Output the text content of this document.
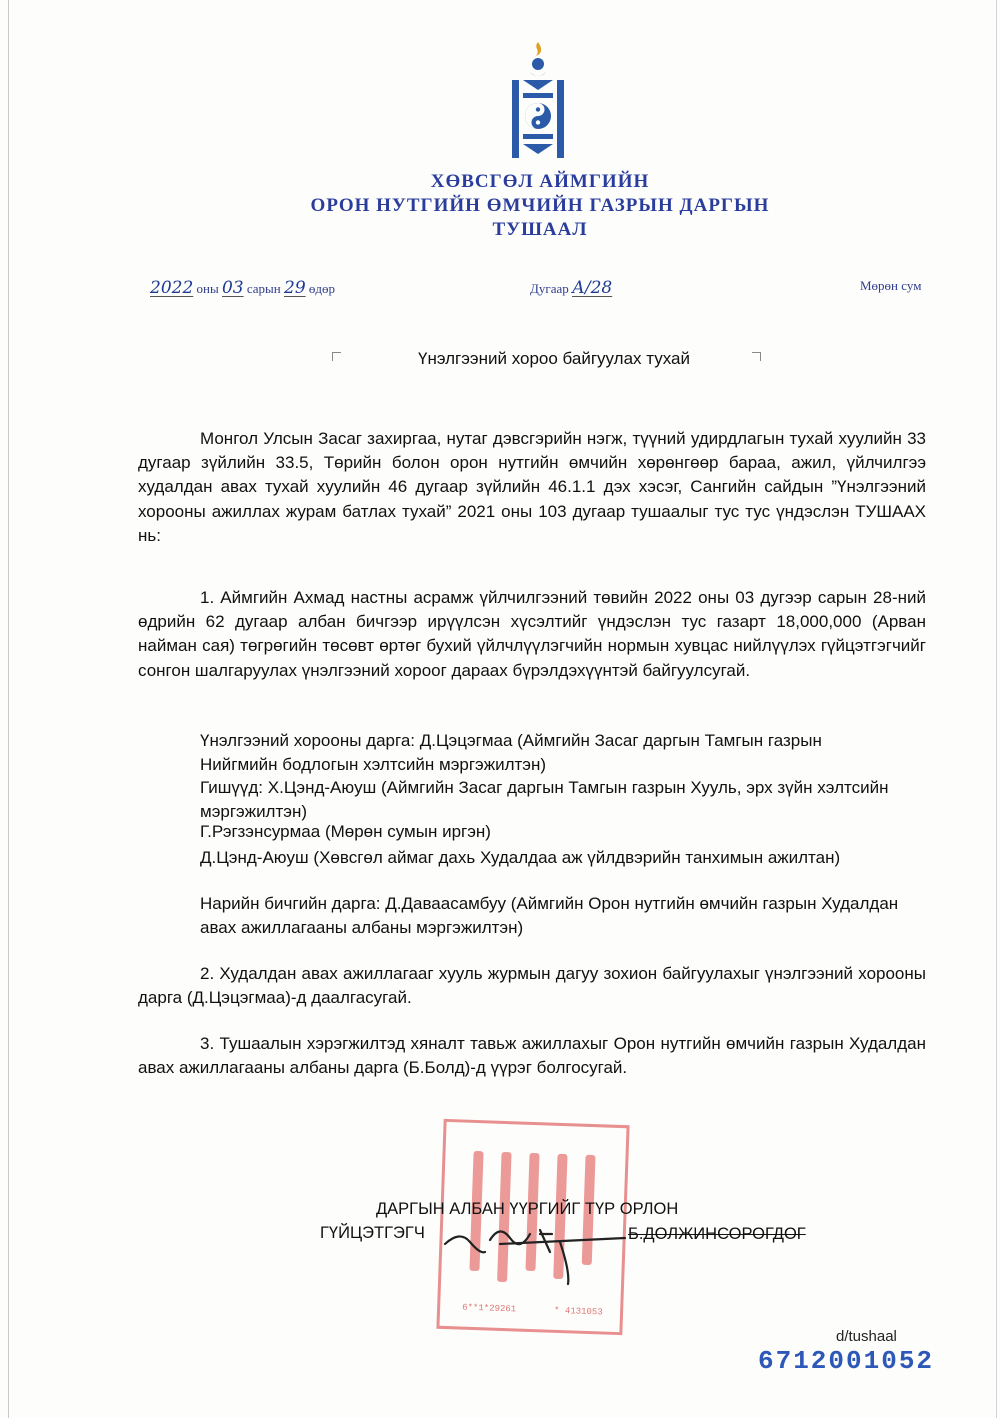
ХӨВСГӨЛ АЙМГИЙН
ОРОН НУТГИЙН ӨМЧИЙН ГАЗРЫН ДАРГЫН
ТУШААЛ
2022 оны 03 сарын 29 өдөр	Дугаар А/28	Мөрөн сум
Үнэлгээний хороо байгуулах тухай
Монгол Улсын Засаг захиргаа, нутаг дэвсгэрийн нэгж, түүний удирдлагын тухай хуулийн 33 дугаар зүйлийн 33.5, Төрийн болон орон нутгийн өмчийн хөрөнгөөр бараа, ажил, үйлчилгээ худалдан авах тухай хуулийн 46 дугаар зүйлийн 46.1.1 дэх хэсэг, Сангийн сайдын ”Үнэлгээний хорооны ажиллах журам батлах тухай” 2021 оны 103 дугаар тушаалыг тус тус үндэслэн ТУШААХ нь:
1. Аймгийн Ахмад настны асрамж үйлчилгээний төвийн 2022 оны 03 дугээр сарын 28-ний өдрийн 62 дугаар албан бичгээр ирүүлсэн хүсэлтийг үндэслэн тус газарт 18,000,000 (Арван найман сая) төгрөгийн төсөвт өртөг бухий үйлчлүүлэгчийн нормын хувцас нийлүүлэх гүйцэтгэгчийг сонгон шалгаруулах үнэлгээний хороог дараах бүрэлдэхүүнтэй байгуулсугай.
Үнэлгээний хорооны дарга: Д.Цэцэгмаа (Аймгийн Засаг даргын Тамгын газрын Нийгмийн бодлогын хэлтсийн мэргэжилтэн)
Гишүүд: Х.Цэнд-Аюуш (Аймгийн Засаг даргын Тамгын газрын Хууль, эрх зүйн хэлтсийн мэргэжилтэн)
Г.Рэгзэнсурмаа (Мөрөн сумын иргэн)
Д.Цэнд-Аюуш (Хөвсгөл аймаг дахь Худалдаа аж үйлдвэрийн танхимын ажилтан)
Нарийн бичгийн дарга: Д.Даваасамбуу (Аймгийн Орон нутгийн өмчийн газрын Худалдан авах ажиллагааны албаны мэргэжилтэн)
2. Худалдан авах ажиллагааг хууль журмын дагуу зохион байгуулахыг үнэлгээний хорооны дарга (Д.Цэцэгмаа)-д даалгасугай.
3. Тушаалын хэрэгжилтэд хяналт тавьж ажиллахыг Орон нутгийн өмчийн газрын Худалдан авах ажиллагааны албаны дарга (Б.Болд)-д үүрэг болгосугай.
6**1*29261	* 4131053
ДАРГЫН АЛБАН ҮҮРГИЙГ ТҮР ОРЛОН
ГҮЙЦЭТГЭГЧ	Б.ДОЛЖИНСОРОГДОГ
d/tushaal
6712001052
